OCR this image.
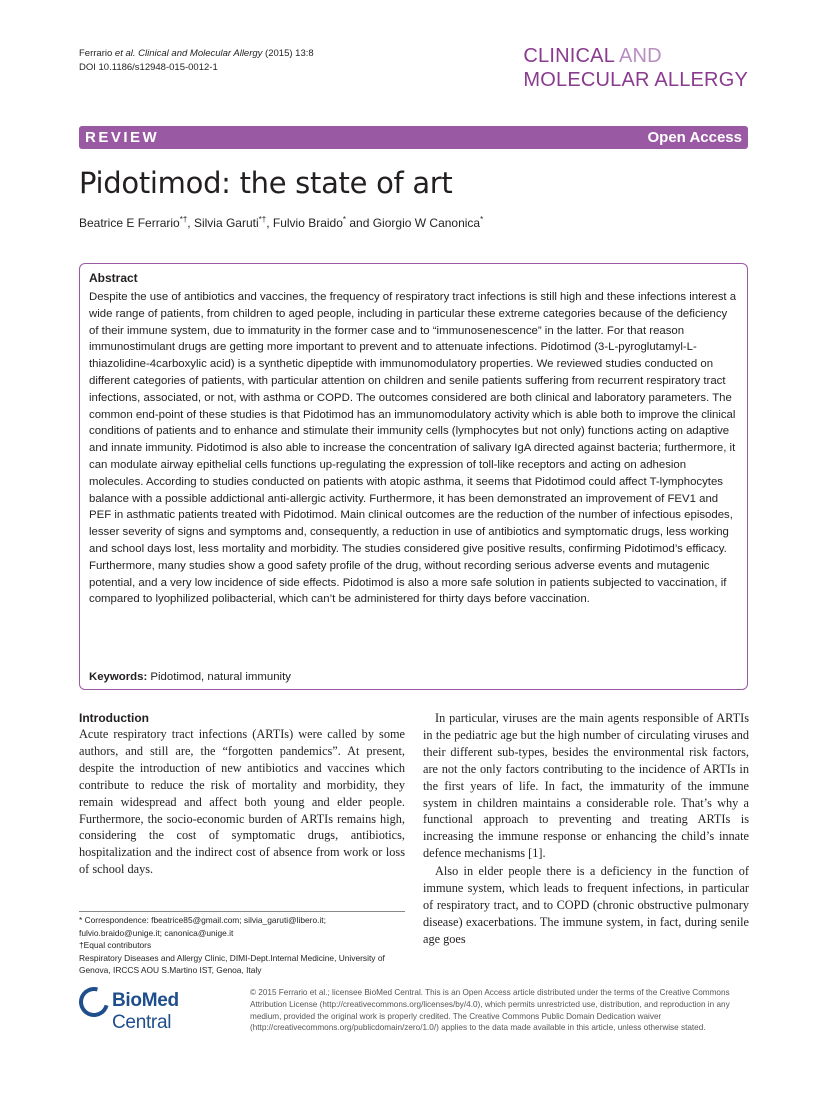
Ferrario et al. Clinical and Molecular Allergy (2015) 13:8
DOI 10.1186/s12948-015-0012-1
CLINICAL AND
MOLECULAR ALLERGY
REVIEW	Open Access
Pidotimod: the state of art
Beatrice E Ferrario*†, Silvia Garuti*†, Fulvio Braido* and Giorgio W Canonica*
Abstract

Despite the use of antibiotics and vaccines, the frequency of respiratory tract infections is still high and these infections interest a wide range of patients, from children to aged people, including in particular these extreme categories because of the deficiency of their immune system, due to immaturity in the former case and to “immunosenescence” in the latter. For that reason immunostimulant drugs are getting more important to prevent and to attenuate infections. Pidotimod (3-L-pyroglutamyl-L-thiazolidine-4carboxylic acid) is a synthetic dipeptide with immunomodulatory properties. We reviewed studies conducted on different categories of patients, with particular attention on children and senile patients suffering from recurrent respiratory tract infections, associated, or not, with asthma or COPD. The outcomes considered are both clinical and laboratory parameters. The common end-point of these studies is that Pidotimod has an immunomodulatory activity which is able both to improve the clinical conditions of patients and to enhance and stimulate their immunity cells (lymphocytes but not only) functions acting on adaptive and innate immunity. Pidotimod is also able to increase the concentration of salivary IgA directed against bacteria; furthermore, it can modulate airway epithelial cells functions up-regulating the expression of toll-like receptors and acting on adhesion molecules. According to studies conducted on patients with atopic asthma, it seems that Pidotimod could affect T-lymphocytes balance with a possible addictional anti-allergic activity. Furthermore, it has been demonstrated an improvement of FEV1 and PEF in asthmatic patients treated with Pidotimod. Main clinical outcomes are the reduction of the number of infectious episodes, lesser severity of signs and symptoms and, consequently, a reduction in use of antibiotics and symptomatic drugs, less working and school days lost, less mortality and morbidity. The studies considered give positive results, confirming Pidotimod’s efficacy. Furthermore, many studies show a good safety profile of the drug, without recording serious adverse events and mutagenic potential, and a very low incidence of side effects. Pidotimod is also a more safe solution in patients subjected to vaccination, if compared to lyophilized polibacterial, which can’t be administered for thirty days before vaccination.

Keywords: Pidotimod, natural immunity
Introduction

Acute respiratory tract infections (ARTIs) were called by some authors, and still are, the “forgotten pandemics”. At present, despite the introduction of new antibiotics and vaccines which contribute to reduce the risk of mortality and morbidity, they remain widespread and affect both young and elder people. Furthermore, the socio-economic burden of ARTIs remains high, considering the cost of symptomatic drugs, antibiotics, hospitalization and the indirect cost of absence from work or loss of school days.

In particular, viruses are the main agents responsible of ARTIs in the pediatric age but the high number of circulating viruses and their different sub-types, besides the environmental risk factors, are not the only factors contributing to the incidence of ARTIs in the first years of life. In fact, the immaturity of the immune system in children maintains a considerable role. That’s why a functional approach to preventing and treating ARTIs is increasing the immune response or enhancing the child’s innate defence mechanisms [1].

Also in elder people there is a deficiency in the function of immune system, which leads to frequent infections, in particular of respiratory tract, and to COPD (chronic obstructive pulmonary disease) exacerbations. The immune system, in fact, during senile age goes

* Correspondence: fbeatrice85@gmail.com; silvia_garuti@libero.it; fulvio.braido@unige.it; canonica@unige.it
†Equal contributors
Respiratory Diseases and Allergy Clinic, DIMI-Dept.Internal Medicine, University of Genova, IRCCS AOU S.Martino IST, Genoa, Italy
BioMed Central
© 2015 Ferrario et al.; licensee BioMed Central. This is an Open Access article distributed under the terms of the Creative Commons Attribution License (http://creativecommons.org/licenses/by/4.0), which permits unrestricted use, distribution, and reproduction in any medium, provided the original work is properly credited. The Creative Commons Public Domain Dedication waiver (http://creativecommons.org/publicdomain/zero/1.0/) applies to the data made available in this article, unless otherwise stated.
